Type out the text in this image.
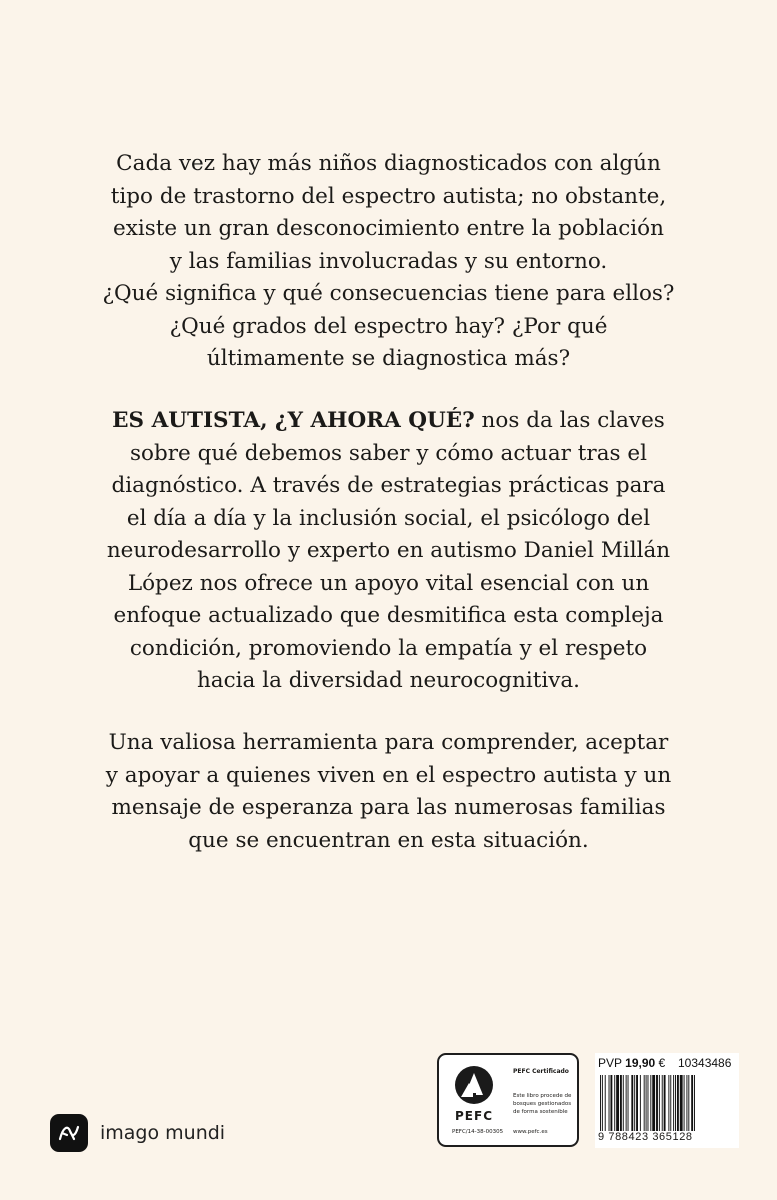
Cada vez hay más niños diagnosticados con algún
tipo de trastorno del espectro autista; no obstante,
existe un gran desconocimiento entre la población
y las familias involucradas y su entorno.
¿Qué significa y qué consecuencias tiene para ellos?
¿Qué grados del espectro hay? ¿Por qué
últimamente se diagnostica más?
ES AUTISTA, ¿Y AHORA QUÉ? nos da las claves
sobre qué debemos saber y cómo actuar tras el
diagnóstico. A través de estrategias prácticas para
el día a día y la inclusión social, el psicólogo del
neurodesarrollo y experto en autismo Daniel Millán
López nos ofrece un apoyo vital esencial con un
enfoque actualizado que desmitifica esta compleja
condición, promoviendo la empatía y el respeto
hacia la diversidad neurocognitiva.
Una valiosa herramienta para comprender, aceptar
y apoyar a quienes viven en el espectro autista y un
mensaje de esperanza para las numerosas familias
que se encuentran en esta situación.
imago mundi
PEFC
PEFC Certificado
Este libro procede de bosques gestionados de forma sostenible
PEFC/14-38-00305 www.pefc.es
PVP 19,90 € 10343486
9 788423 365128
